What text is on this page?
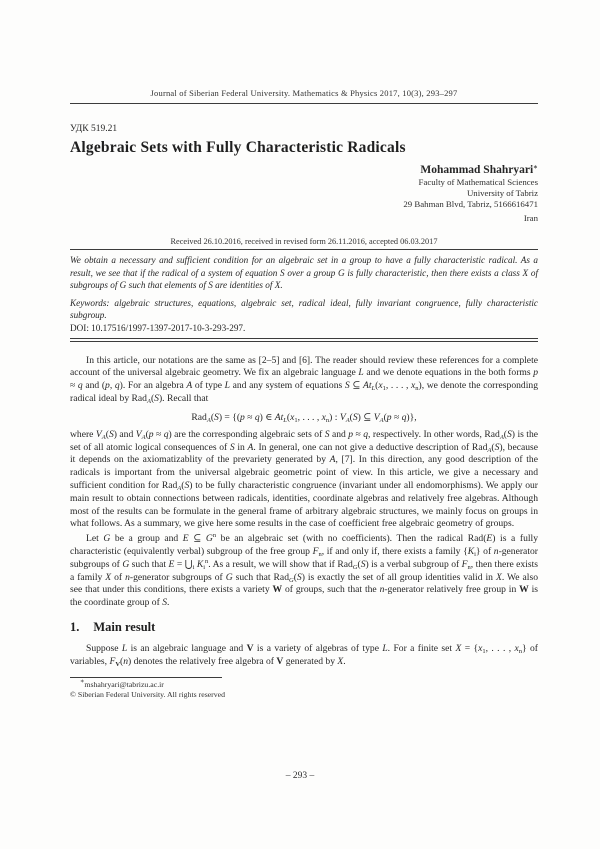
Journal of Siberian Federal University. Mathematics & Physics 2017, 10(3), 293–297
УДК 519.21
Algebraic Sets with Fully Characteristic Radicals
Mohammad Shahryari∗
Faculty of Mathematical Sciences
University of Tabriz
29 Bahman Blvd, Tabriz, 5166616471
Iran
Received 26.10.2016, received in revised form 26.11.2016, accepted 06.03.2017
We obtain a necessary and sufficient condition for an algebraic set in a group to have a fully characteristic radical. As a result, we see that if the radical of a system of equation S over a group G is fully characteristic, then there exists a class X of subgroups of G such that elements of S are identities of X.
Keywords: algebraic structures, equations, algebraic set, radical ideal, fully invariant congruence, fully characteristic subgroup.
DOI: 10.17516/1997-1397-2017-10-3-293-297.

In this article, our notations are the same as [2–5] and [6]. The reader should review these references for a complete account of the universal algebraic geometry. We fix an algebraic language L and we denote equations in the both forms p ≈ q and (p, q). For an algebra A of type L and any system of equations S ⊆ $At_L(x_1$, . . . , $x_n$), we denote the corresponding radical ideal by Rad$_A$(S). Recall that

Rad$_A$(S) = {(p ≈ q) ∈ $At_L(x_1$, . . . , $x_n$) : $V_A(S)$ ⊆ $V_A(p \approx q)$},

where $V_A(S)$ and $V_A(p \approx q)$ are the corresponding algebraic sets of S and p ≈ q, respectively. In other words, Rad$_A$(S) is the set of all atomic logical consequences of S in A. In general, one can not give a deductive description of Rad$_A$(S), because it depends on the axiomatizablity of the prevariety generated by A, [7]. In this direction, any good description of the radicals is important from the universal algebraic geometric point of view. In this article, we give a necessary and sufficient condition for Rad$_A$(S) to be fully characteristic congruence (invariant under all endomorphisms). We apply our main result to obtain connections between radicals, identities, coordinate algebras and relatively free algebras. Although most of the results can be formulate in the general frame of arbitrary algebraic structures, we mainly focus on groups in what follows. As a summary, we give here some results in the case of coefficient free algebraic geometry of groups.

Let G be a group and E ⊆ $G^n$ be an algebraic set (with no coefficients). Then the radical Rad(E) is a fully characteristic (equivalently verbal) subgroup of the free group $F_n$, if and only if, there exists a family $\{K_i\}$ of n-generator subgroups of G such that $E = ⋃_i$ $K_i^n$. As a result, we will show that if Rad$_G$(S) is a verbal subgroup of $F_n$, then there exists a family X of n-generator subgroups of G such that Rad$_G$(S) is exactly the set of all group identities valid in X. We also see that under this conditions, there exists a variety W of groups, such that the n-generator relatively free group in W is the coordinate group of S.

1. Main result

Suppose L is an algebraic language and V is a variety of algebras of type L. For a finite set $X = \{x_1$, . . . , $x_n$} of variables, $F_V(n)$ denotes the relatively free algebra of V generated by X.

∗mshahryari@tabrizu.ac.ir
© Siberian Federal University. All rights reserved
– 293 –
